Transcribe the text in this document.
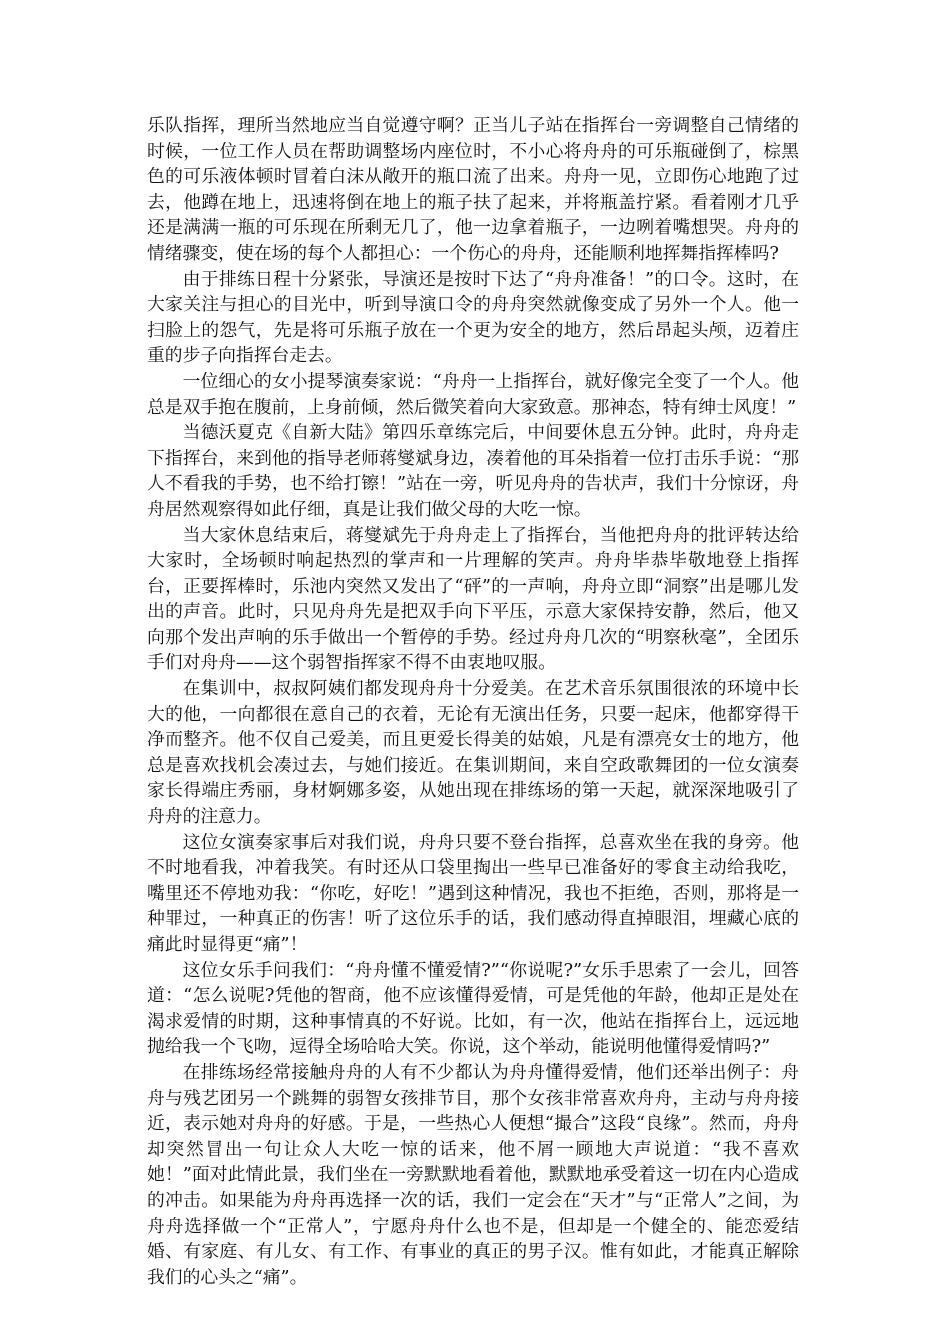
乐队指挥，理所当然地应当自觉遵守啊？正当儿子站在指挥台一旁调整自己情绪的时候，一位工作人员在帮助调整场内座位时，不小心将舟舟的可乐瓶碰倒了，棕黑色的可乐液体顿时冒着白沫从敞开的瓶口流了出来。舟舟一见，立即伤心地跑了过去，他蹲在地上，迅速将倒在地上的瓶子扶了起来，并将瓶盖拧紧。看着刚才几乎还是满满一瓶的可乐现在所剩无几了，他一边拿着瓶子，一边咧着嘴想哭。舟舟的情绪骤变，使在场的每个人都担心：一个伤心的舟舟，还能顺利地挥舞指挥棒吗?

由于排练日程十分紧张，导演还是按时下达了“舟舟准备！”的口令。这时，在大家关注与担心的目光中，听到导演口令的舟舟突然就像变成了另外一个人。他一扫脸上的怨气，先是将可乐瓶子放在一个更为安全的地方，然后昂起头颅，迈着庄重的步子向指挥台走去。

一位细心的女小提琴演奏家说：“舟舟一上指挥台，就好像完全变了一个人。他总是双手抱在腹前，上身前倾，然后微笑着向大家致意。那神态，特有绅士风度！”

当德沃夏克《自新大陆》第四乐章练完后，中间要休息五分钟。此时，舟舟走下指挥台，来到他的指导老师蒋燮斌身边，凑着他的耳朵指着一位打击乐手说：“那人不看我的手势，也不给打镲！”站在一旁，听见舟舟的告状声，我们十分惊讶，舟舟居然观察得如此仔细，真是让我们做父母的大吃一惊。

当大家休息结束后，蒋燮斌先于舟舟走上了指挥台，当他把舟舟的批评转达给大家时，全场顿时响起热烈的掌声和一片理解的笑声。舟舟毕恭毕敬地登上指挥台，正要挥棒时，乐池内突然又发出了“砰”的一声响，舟舟立即“洞察”出是哪儿发出的声音。此时，只见舟舟先是把双手向下平压，示意大家保持安静，然后，他又向那个发出声响的乐手做出一个暂停的手势。经过舟舟几次的“明察秋毫”，全团乐手们对舟舟——这个弱智指挥家不得不由衷地叹服。

在集训中，叔叔阿姨们都发现舟舟十分爱美。在艺术音乐氛围很浓的环境中长大的他，一向都很在意自己的衣着，无论有无演出任务，只要一起床，他都穿得干净而整齐。他不仅自己爱美，而且更爱长得美的姑娘，凡是有漂亮女士的地方，他总是喜欢找机会凑过去，与她们接近。在集训期间，来自空政歌舞团的一位女演奏家长得端庄秀丽，身材婀娜多姿，从她出现在排练场的第一天起，就深深地吸引了舟舟的注意力。

这位女演奏家事后对我们说，舟舟只要不登台指挥，总喜欢坐在我的身旁。他不时地看我，冲着我笑。有时还从口袋里掏出一些早已准备好的零食主动给我吃，嘴里还不停地劝我：“你吃，好吃！”遇到这种情况，我也不拒绝，否则，那将是一种罪过，一种真正的伤害！听了这位乐手的话，我们感动得直掉眼泪，埋藏心底的痛此时显得更“痛”！

这位女乐手问我们：“舟舟懂不懂爱情?”“你说呢?”女乐手思索了一会儿，回答道：“怎么说呢?凭他的智商，他不应该懂得爱情，可是凭他的年龄，他却正是处在渴求爱情的时期，这种事情真的不好说。比如，有一次，他站在指挥台上，远远地抛给我一个飞吻，逗得全场哈哈大笑。你说，这个举动，能说明他懂得爱情吗?”

在排练场经常接触舟舟的人有不少都认为舟舟懂得爱情，他们还举出例子：舟舟与残艺团另一个跳舞的弱智女孩排节目，那个女孩非常喜欢舟舟，主动与舟舟接近，表示她对舟舟的好感。于是，一些热心人便想“撮合”这段“良缘”。然而，舟舟却突然冒出一句让众人大吃一惊的话来，他不屑一顾地大声说道：“我不喜欢她！”面对此情此景，我们坐在一旁默默地看着他，默默地承受着这一切在内心造成的冲击。如果能为舟舟再选择一次的话，我们一定会在“天才”与“正常人”之间，为舟舟选择做一个“正常人”，宁愿舟舟什么也不是，但却是一个健全的、能恋爱结婚、有家庭、有儿女、有工作、有事业的真正的男子汉。惟有如此，才能真正解除我们的心头之“痛”。
